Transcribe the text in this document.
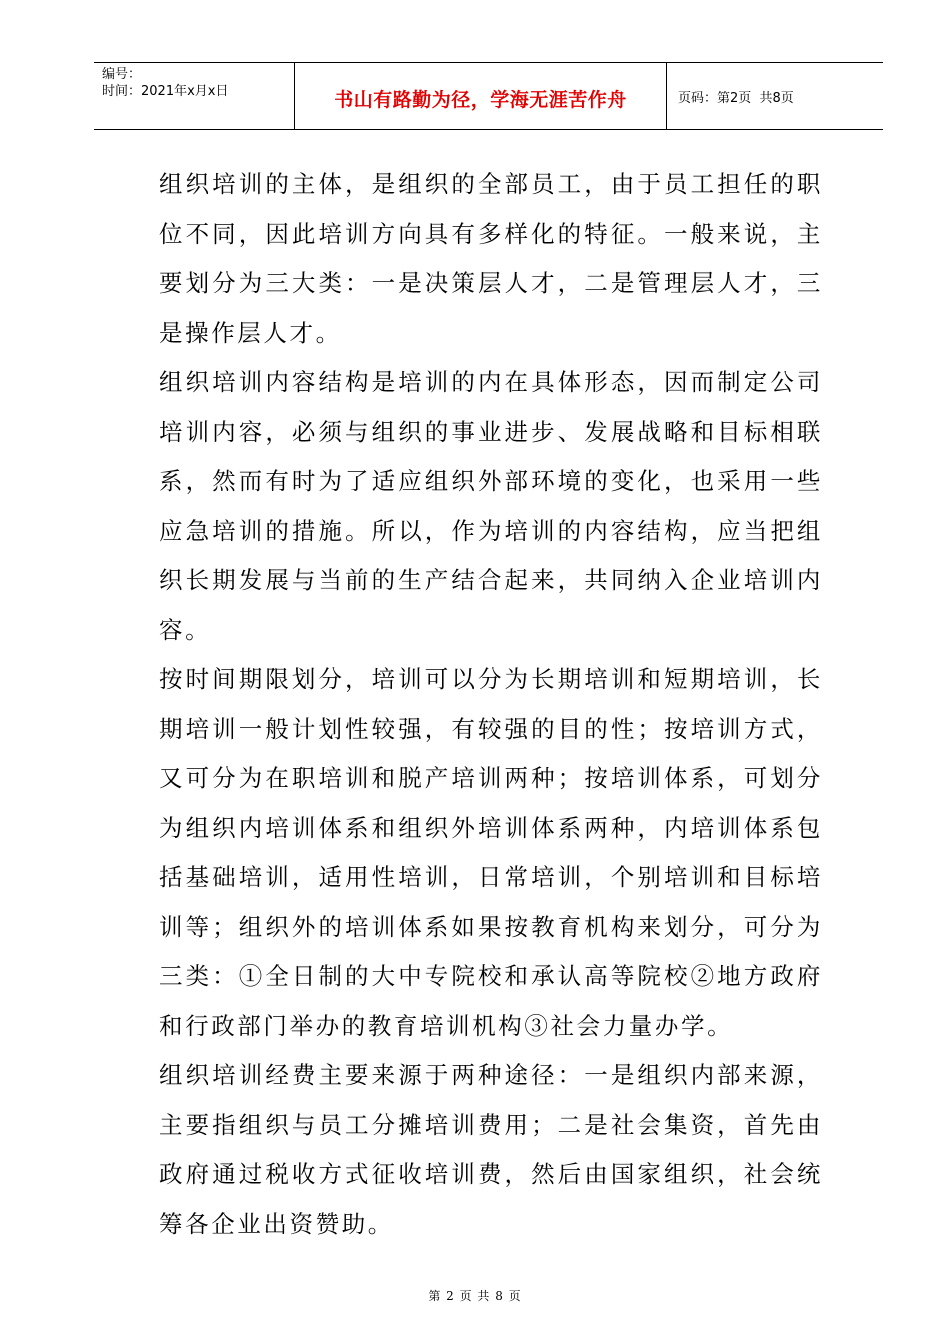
编号：
时间：2021年x月x日	书山有路勤为径，学海无涯苦作舟	页码：第2页  共8页

组织培训的主体，是组织的全部员工，由于员工担任的职位不同，因此培训方向具有多样化的特征。一般来说，主要划分为三大类：一是决策层人才，二是管理层人才，三是操作层人才。

组织培训内容结构是培训的内在具体形态，因而制定公司培训内容，必须与组织的事业进步、发展战略和目标相联系，然而有时为了适应组织外部环境的变化，也采用一些应急培训的措施。所以，作为培训的内容结构，应当把组织长期发展与当前的生产结合起来，共同纳入企业培训内容。

按时间期限划分，培训可以分为长期培训和短期培训，长期培训一般计划性较强，有较强的目的性；按培训方式，又可分为在职培训和脱产培训两种；按培训体系，可划分为组织内培训体系和组织外培训体系两种，内培训体系包括基础培训，适用性培训，日常培训，个别培训和目标培训等；组织外的培训体系如果按教育机构来划分，可分为三类：①全日制的大中专院校和承认高等院校②地方政府和行政部门举办的教育培训机构③社会力量办学。

组织培训经费主要来源于两种途径：一是组织内部来源，主要指组织与员工分摊培训费用；二是社会集资，首先由政府通过税收方式征收培训费，然后由国家组织，社会统筹各企业出资赞助。

第 2 页 共 8 页
